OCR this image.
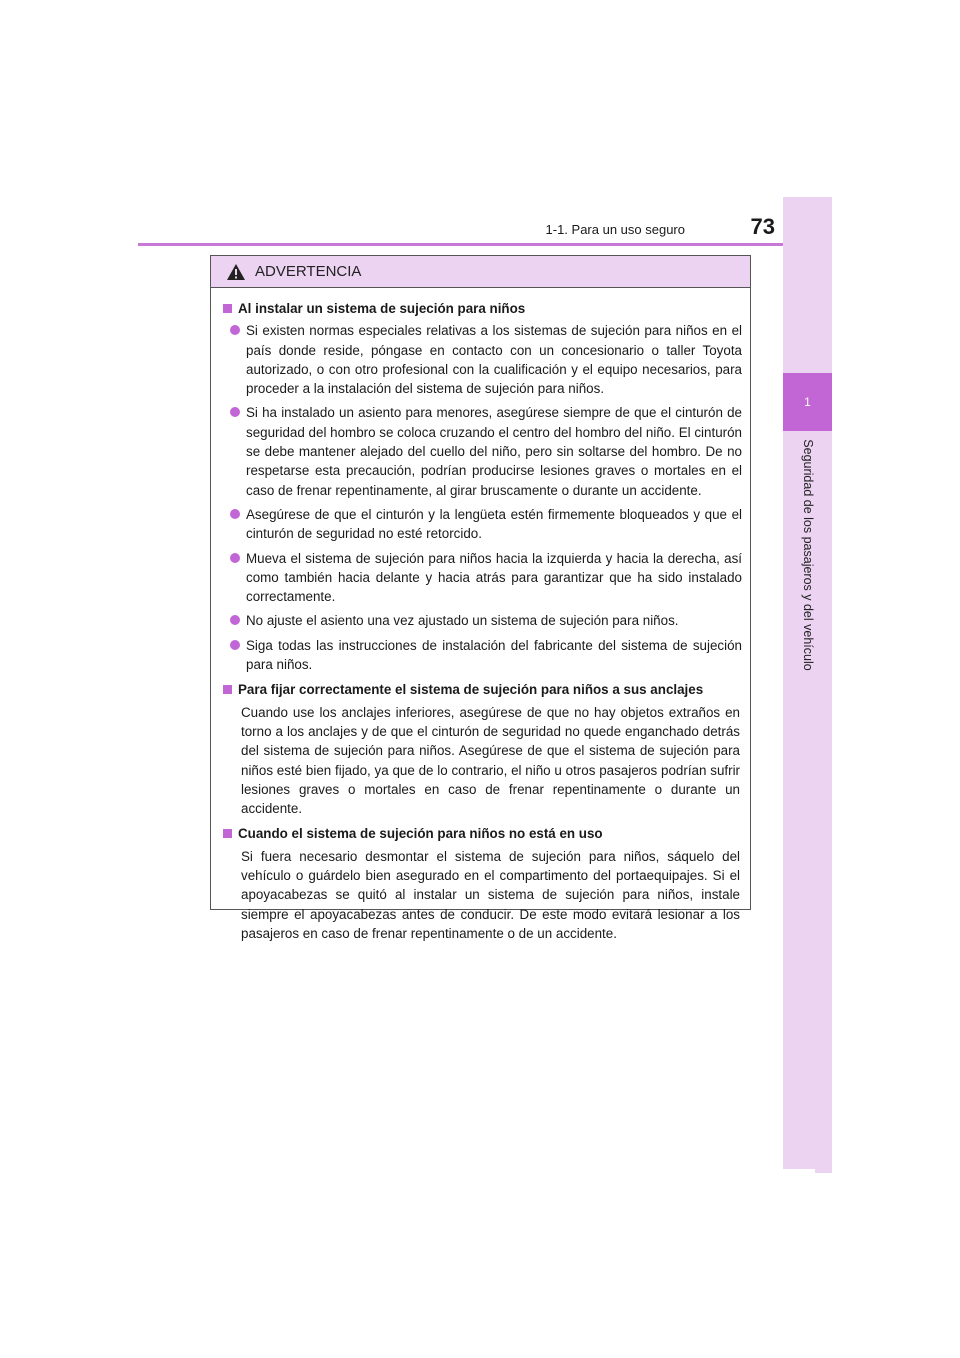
1-1. Para un uso seguro	73
1
Seguridad de los pasajeros y del vehículo
ADVERTENCIA
Al instalar un sistema de sujeción para niños
Si existen normas especiales relativas a los sistemas de sujeción para niños en el país donde reside, póngase en contacto con un concesionario o taller Toyota autorizado, o con otro profesional con la cualificación y el equipo necesarios, para proceder a la instalación del sistema de sujeción para niños.
Si ha instalado un asiento para menores, asegúrese siempre de que el cinturón de seguridad del hombro se coloca cruzando el centro del hombro del niño. El cinturón se debe mantener alejado del cuello del niño, pero sin soltarse del hombro. De no respetarse esta precaución, podrían producirse lesiones graves o mortales en el caso de frenar repentinamente, al girar bruscamente o durante un accidente.
Asegúrese de que el cinturón y la lengüeta estén firmemente bloqueados y que el cinturón de seguridad no esté retorcido.
Mueva el sistema de sujeción para niños hacia la izquierda y hacia la derecha, así como también hacia delante y hacia atrás para garantizar que ha sido instalado correctamente.
No ajuste el asiento una vez ajustado un sistema de sujeción para niños.
Siga todas las instrucciones de instalación del fabricante del sistema de sujeción para niños.
Para fijar correctamente el sistema de sujeción para niños a sus anclajes
Cuando use los anclajes inferiores, asegúrese de que no hay objetos extraños en torno a los anclajes y de que el cinturón de seguridad no quede enganchado detrás del sistema de sujeción para niños. Asegúrese de que el sistema de sujeción para niños esté bien fijado, ya que de lo contrario, el niño u otros pasajeros podrían sufrir lesiones graves o mortales en caso de frenar repentinamente o durante un accidente.
Cuando el sistema de sujeción para niños no está en uso
Si fuera necesario desmontar el sistema de sujeción para niños, sáquelo del vehículo o guárdelo bien asegurado en el compartimento del portaequipajes. Si el apoyacabezas se quitó al instalar un sistema de sujeción para niños, instale siempre el apoyacabezas antes de conducir. De este modo evitará lesionar a los pasajeros en caso de frenar repentinamente o de un accidente.
